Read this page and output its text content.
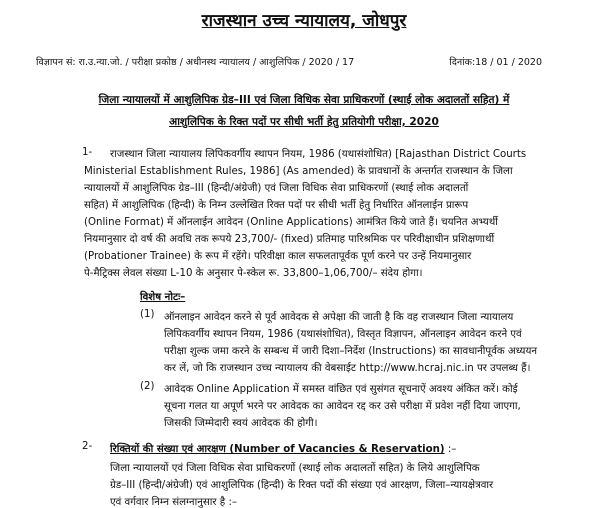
राजस्थान उच्च न्यायालय, जोधपुर
विज्ञापन सं: रा.उ.न्या.जो. / परीक्षा प्रकोष्ठ / अधीनस्थ न्यायालय / आशुलिपिक / 2020 / 17	दिनांक:18 / 01 / 2020
जिला न्यायालयों में आशुलिपिक ग्रेड–III एवं जिला विधिक सेवा प्राधिकरणों (स्थाई लोक अदालतों सहित) में
आशुलिपिक के रिक्त पदों पर सीधी भर्ती हेतु प्रतियोगी परीक्षा, 2020
1- राजस्थान जिला न्यायालय लिपिकवर्गीय स्थापन नियम, 1986 (यथासंशोधित) [Rajasthan District Courts
Ministerial Establishment Rules, 1986] (As amended) के प्रावधानों के अन्तर्गत राजस्थान के जिला
न्यायालयों में आशुलिपिक ग्रेड–III (हिन्दी/अंग्रेजी) एवं जिला विधिक सेवा प्राधिकरणों (स्थाई लोक अदालतों
सहित) में आशुलिपिक (हिन्दी) के निम्न उल्लेखित रिक्त पदों पर सीधी भर्ती हेतु निर्धारित ऑनलाईन प्रारूप
(Online Format) में ऑनलाईन आवेदन (Online Applications) आमंत्रित किये जाते हैं। चयनित अभ्यर्थी
नियमानुसार दो वर्ष की अवधि तक रूपये 23,700/- (fixed) प्रतिमाह पारिश्रमिक पर परिवीक्षाधीन प्रशिक्षणार्थी
(Probationer Trainee) के रूप में रहेंगे। परिवीक्षा काल सफलतापूर्वक पूर्ण करने पर उन्हें नियमानुसार
पे-मैट्रिक्स लेवल संख्या L-10 के अनुसार पे-स्केल रू. 33,800–1,06,700/– संदेय होगा।
विशेष नोटः–
(1) ऑनलाइन आवेदन करने से पूर्व आवेदक से अपेक्षा की जाती है कि वह राजस्थान जिला न्यायालय
लिपिकवर्गीय स्थापन नियम, 1986 (यथासंशोधित), विस्तृत विज्ञापन, ऑनलाइन आवेदन करने एवं
परीक्षा शुल्क जमा करने के सम्बन्ध में जारी दिशा–निर्देश (Instructions) का सावधानीपूर्वक अध्ययन
कर लें, जो कि राजस्थान उच्च न्यायालय की वेबसाईट http://www.hcraj.nic.in पर उपलब्ध हैं।
(2) आवेदक Online Application में समस्त वांछित एवं सुसंगत सूचनाऐं अवश्य अंकित करें। कोई
सूचना गलत या अपूर्ण भरने पर आवेदक का आवेदन रद्द कर उसे परीक्षा में प्रवेश नहीं दिया जाएगा,
जिसकी जिम्मेदारी स्वयं आवेदक की होगी।
2- रिक्तियों की संख्या एवं आरक्षण (Number of Vacancies & Reservation) :–
जिला न्यायालयों एवं जिला विधिक सेवा प्राधिकरणों (स्थाई लोक अदालतों सहित) के लिये आशुलिपिक
ग्रेड–III (हिन्दी/अंग्रेजी) एवं आशुलिपिक (हिन्दी) के रिक्त पदों की संख्या एवं आरक्षण, जिला–न्यायक्षेत्रवार
एवं वर्गवार निम्न संलग्नानुसार है :–
